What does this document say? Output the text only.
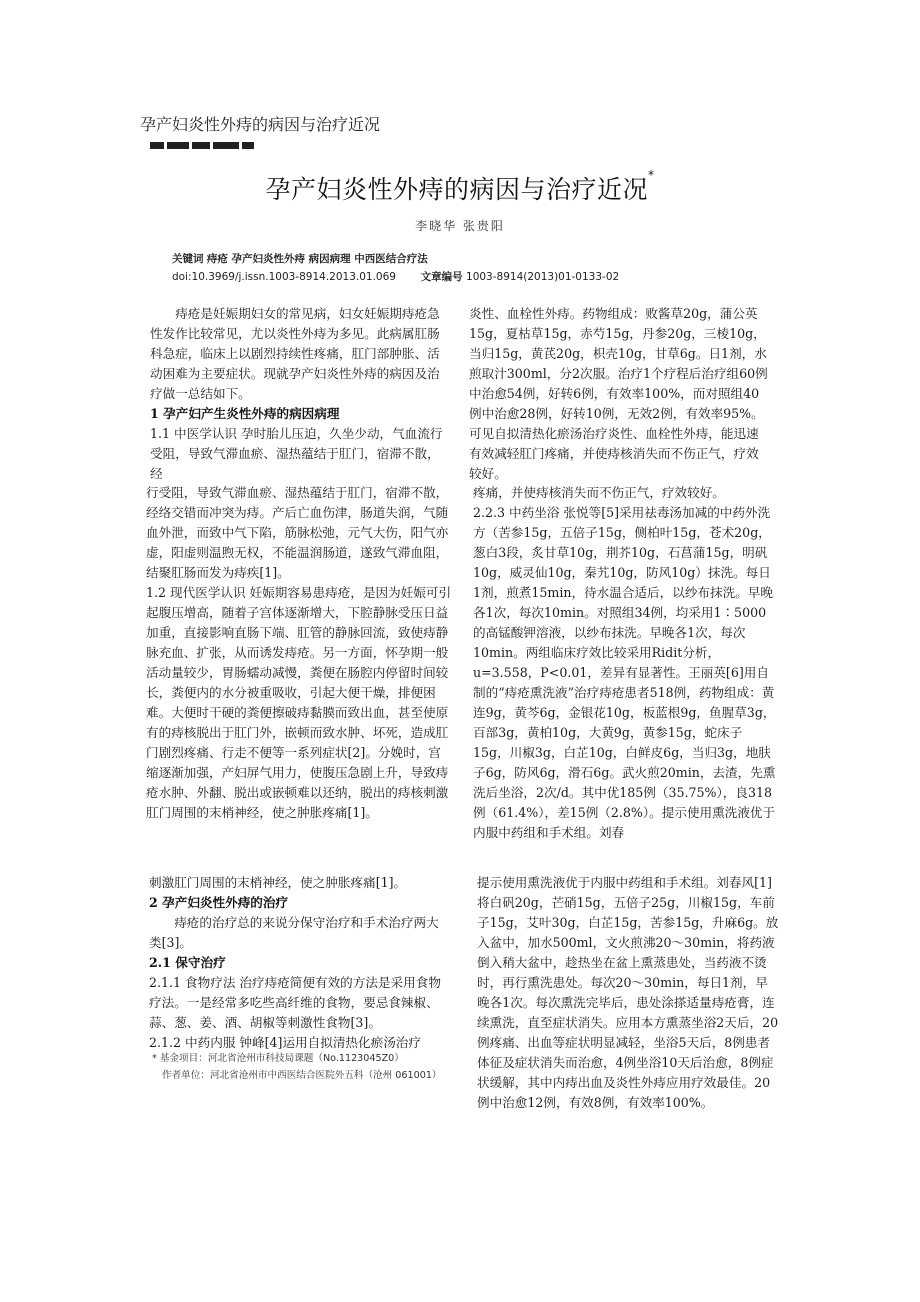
孕产妇炎性外痔的病因与治疗近况
孕产妇炎性外痔的病因与治疗近况*
李晓华 张贵阳
关键词 痔疮 孕产妇炎性外痔 病因病理 中西医结合疗法
doi:10.3969/j.issn.1003-8914.2013.01.069 文章编号 1003-8914(2013)01-0133-02

痔疮是妊娠期妇女的常见病，妇女妊娠期痔疮急性发作比较常见，尤以炎性外痔为多见。此病属肛肠科急症，临床上以剧烈持续性疼痛，肛门部肿胀、活动困难为主要症状。现就孕产妇炎性外痔的病因及治疗做一总结如下。

1 孕产妇产生炎性外痔的病因病理

1.1 中医学认识 孕时胎儿压迫，久坐少动，气血流行受阻，导致气滞血瘀、湿热蕴结于肛门，宿滞不散，经

炎性、血栓性外痔。药物组成：败酱草20g，蒲公英15g，夏枯草15g，赤芍15g，丹参20g，三棱10g，当归15g，黄芪20g，枳壳10g，甘草6g。日1剂，水煎取汁300ml，分2次服。治疗1个疗程后治疗组60例中治愈54例，好转6例，有效率100%，而对照组40例中治愈28例，好转10例，无效2例，有效率95%。可见自拟清热化瘀汤治疗炎性、血栓性外痔，能迅速有效减轻肛门疼痛，并使痔核消失而不伤正气，疗效较好。

行受阻，导致气滞血瘀、湿热蕴结于肛门，宿滞不散，经络交错而冲突为痔。产后亡血伤津，肠道失润，气随血外泄，而致中气下陷，筋脉松弛，元气大伤，阳气亦虚，阳虚则温煦无权，不能温润肠道，遂致气滞血阻，结聚肛肠而发为痔疾[1]。

1.2 现代医学认识 妊娠期容易患痔疮，是因为妊娠可引起腹压增高，随着子宫体逐渐增大，下腔静脉受压日益加重，直接影响直肠下端、肛管的静脉回流，致使痔静脉充血、扩张，从而诱发痔疮。另一方面，怀孕期一般活动量较少，胃肠蠕动减慢，粪便在肠腔内停留时间较长，粪便内的水分被重吸收，引起大便干燥，排便困难。大便时干硬的粪便擦破痔黏膜而致出血，甚至使原有的痔核脱出于肛门外，嵌顿而致水肿、坏死，造成肛门剧烈疼痛、行走不便等一系列症状[2]。分娩时，宫缩逐渐加强，产妇屏气用力，使腹压急剧上升，导致痔疮水肿、外翻、脱出或嵌顿难以还纳，脱出的痔核刺激肛门周围的末梢神经，使之肿胀疼痛[1]。

疼痛，并使痔核消失而不伤正气，疗效较好。

2.2.3 中药坐浴 张悦等[5]采用祛毒汤加减的中药外洗方（苦参15g，五倍子15g，侧柏叶15g，苍术20g，葱白3段，炙甘草10g，荆芥10g，石菖蒲15g，明矾10g，威灵仙10g，秦艽10g，防风10g）抹洗。每日1剂，煎煮15min，待水温合适后，以纱布抹洗。早晚各1次，每次10min。对照组34例，均采用1∶5000的高锰酸钾溶液，以纱布抹洗。早晚各1次，每次10min。两组临床疗效比较采用Ridit分析，u=3.558，P<0.01，差异有显著性。王丽英[6]用自制的“痔疮熏洗液”治疗痔疮患者518例，药物组成：黄连9g，黄芩6g，金银花10g，板蓝根9g，鱼腥草3g，百部3g，黄柏10g，大黄9g，黄参15g，蛇床子15g，川椒3g，白芷10g，白鲜皮6g，当归3g，地肤子6g，防风6g，滑石6g。武火煎20min，去渣，先熏洗后坐浴，2次/d。其中优185例（35.75%），良318例（61.4%），差15例（2.8%）。提示使用熏洗液优于内服中药组和手术组。刘春

刺激肛门周围的末梢神经，使之肿胀疼痛[1]。

2 孕产妇炎性外痔的治疗

痔疮的治疗总的来说分保守治疗和手术治疗两大类[3]。

2.1 保守治疗

2.1.1 食物疗法 治疗痔疮简便有效的方法是采用食物疗法。一是经常多吃些高纤维的食物，要忌食辣椒、蒜、葱、姜、酒、胡椒等刺激性食物[3]。

2.1.2 中药内服 钟峰[4]运用自拟清热化瘀汤治疗

* 基金项目：河北省沧州市科技局课题（No.1123045Z0）
作者单位：河北省沧州市中西医结合医院外五科（沧州 061001）

提示使用熏洗液优于内服中药组和手术组。刘春风[1]将白矾20g，芒硝15g，五倍子25g，川椒15g，车前子15g，艾叶30g，白芷15g，苦参15g，升麻6g。放入盆中，加水500ml，文火煎沸20～30min，将药液倒入稍大盆中，趁热坐在盆上熏蒸患处，当药液不烫时，再行熏洗患处。每次20～30min，每日1剂，早晚各1次。每次熏洗完毕后，患处涂搽适量痔疮膏，连续熏洗，直至症状消失。应用本方熏蒸坐浴2天后，20例疼痛、出血等症状明显减轻，坐浴5天后，8例患者体征及症状消失而治愈，4例坐浴10天后治愈，8例症状缓解，其中内痔出血及炎性外痔应用疗效最佳。20例中治愈12例，有效8例，有效率100%。
